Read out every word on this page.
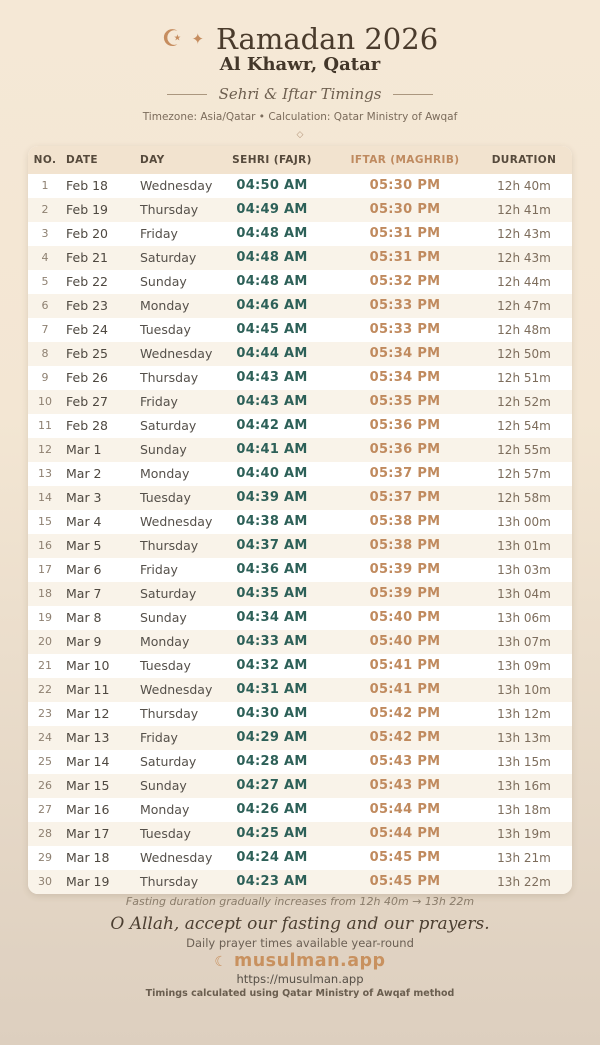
☪ ✦ Ramadan 2026
Al Khawr, Qatar
Sehri & Iftar Timings
Timezone: Asia/Qatar • Calculation: Qatar Ministry of Awqaf
◇
NO.	DATE	DAY	SEHRI (FAJR)	IFTAR (MAGHRIB)	DURATION
1	Feb 18	Wednesday	04:50 AM	05:30 PM	12h 40m
2	Feb 19	Thursday	04:49 AM	05:30 PM	12h 41m
3	Feb 20	Friday	04:48 AM	05:31 PM	12h 43m
4	Feb 21	Saturday	04:48 AM	05:31 PM	12h 43m
5	Feb 22	Sunday	04:48 AM	05:32 PM	12h 44m
6	Feb 23	Monday	04:46 AM	05:33 PM	12h 47m
7	Feb 24	Tuesday	04:45 AM	05:33 PM	12h 48m
8	Feb 25	Wednesday	04:44 AM	05:34 PM	12h 50m
9	Feb 26	Thursday	04:43 AM	05:34 PM	12h 51m
10	Feb 27	Friday	04:43 AM	05:35 PM	12h 52m
11	Feb 28	Saturday	04:42 AM	05:36 PM	12h 54m
12	Mar 1	Sunday	04:41 AM	05:36 PM	12h 55m
13	Mar 2	Monday	04:40 AM	05:37 PM	12h 57m
14	Mar 3	Tuesday	04:39 AM	05:37 PM	12h 58m
15	Mar 4	Wednesday	04:38 AM	05:38 PM	13h 00m
16	Mar 5	Thursday	04:37 AM	05:38 PM	13h 01m
17	Mar 6	Friday	04:36 AM	05:39 PM	13h 03m
18	Mar 7	Saturday	04:35 AM	05:39 PM	13h 04m
19	Mar 8	Sunday	04:34 AM	05:40 PM	13h 06m
20	Mar 9	Monday	04:33 AM	05:40 PM	13h 07m
21	Mar 10	Tuesday	04:32 AM	05:41 PM	13h 09m
22	Mar 11	Wednesday	04:31 AM	05:41 PM	13h 10m
23	Mar 12	Thursday	04:30 AM	05:42 PM	13h 12m
24	Mar 13	Friday	04:29 AM	05:42 PM	13h 13m
25	Mar 14	Saturday	04:28 AM	05:43 PM	13h 15m
26	Mar 15	Sunday	04:27 AM	05:43 PM	13h 16m
27	Mar 16	Monday	04:26 AM	05:44 PM	13h 18m
28	Mar 17	Tuesday	04:25 AM	05:44 PM	13h 19m
29	Mar 18	Wednesday	04:24 AM	05:45 PM	13h 21m
30	Mar 19	Thursday	04:23 AM	05:45 PM	13h 22m
Fasting duration gradually increases from 12h 40m → 13h 22m
O Allah, accept our fasting and our prayers.
Daily prayer times available year-round
☾ musulman.app
https://musulman.app
Timings calculated using Qatar Ministry of Awqaf method
